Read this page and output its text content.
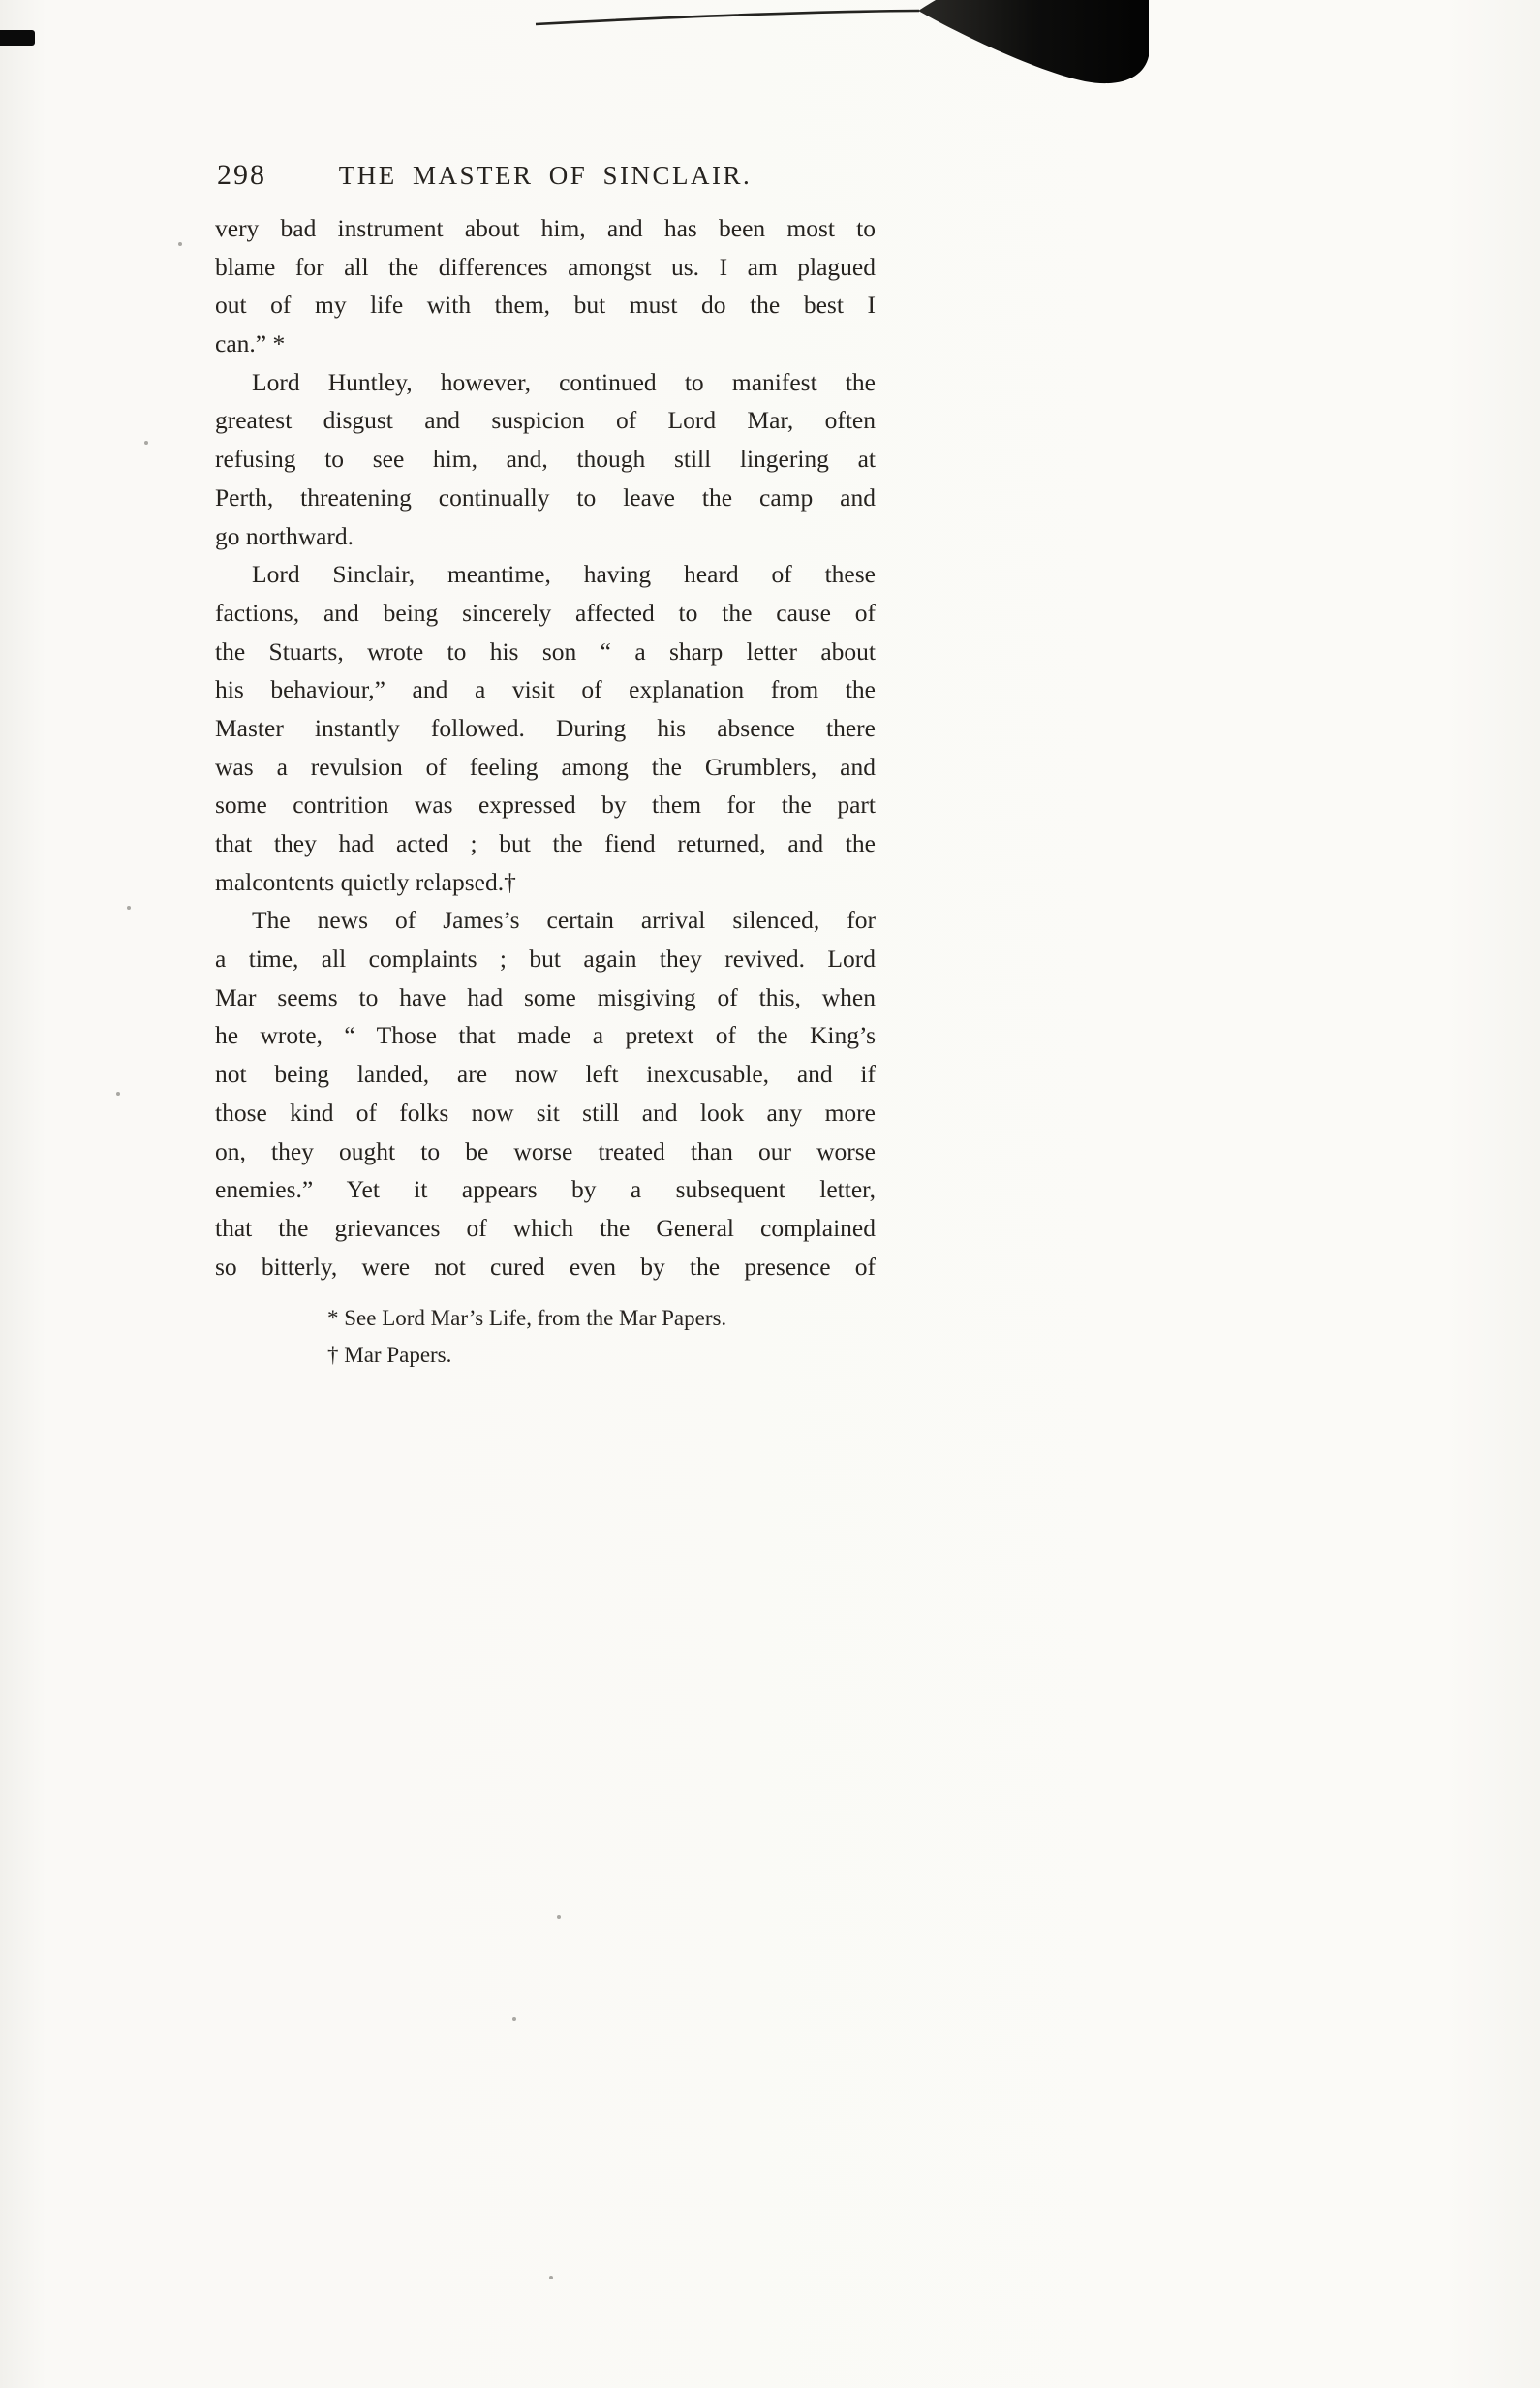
298	THE MASTER OF SINCLAIR.
very bad instrument about him, and has been most to
blame for all the differences amongst us. I am plagued
out of my life with them, but must do the best I
can.” *
Lord Huntley, however, continued to manifest the
greatest disgust and suspicion of Lord Mar, often
refusing to see him, and, though still lingering at
Perth, threatening continually to leave the camp and
go northward.
Lord Sinclair, meantime, having heard of these
factions, and being sincerely affected to the cause of
the Stuarts, wrote to his son “ a sharp letter about
his behaviour,” and a visit of explanation from the
Master instantly followed. During his absence there
was a revulsion of feeling among the Grumblers, and
some contrition was expressed by them for the part
that they had acted ; but the fiend returned, and the
malcontents quietly relapsed.†
The news of James’s certain arrival silenced, for
a time, all complaints ; but again they revived. Lord
Mar seems to have had some misgiving of this, when
he wrote, “ Those that made a pretext of the King’s
not being landed, are now left inexcusable, and if
those kind of folks now sit still and look any more
on, they ought to be worse treated than our worse
enemies.” Yet it appears by a subsequent letter,
that the grievances of which the General complained
so bitterly, were not cured even by the presence of
* See Lord Mar’s Life, from the Mar Papers.
† Mar Papers.
